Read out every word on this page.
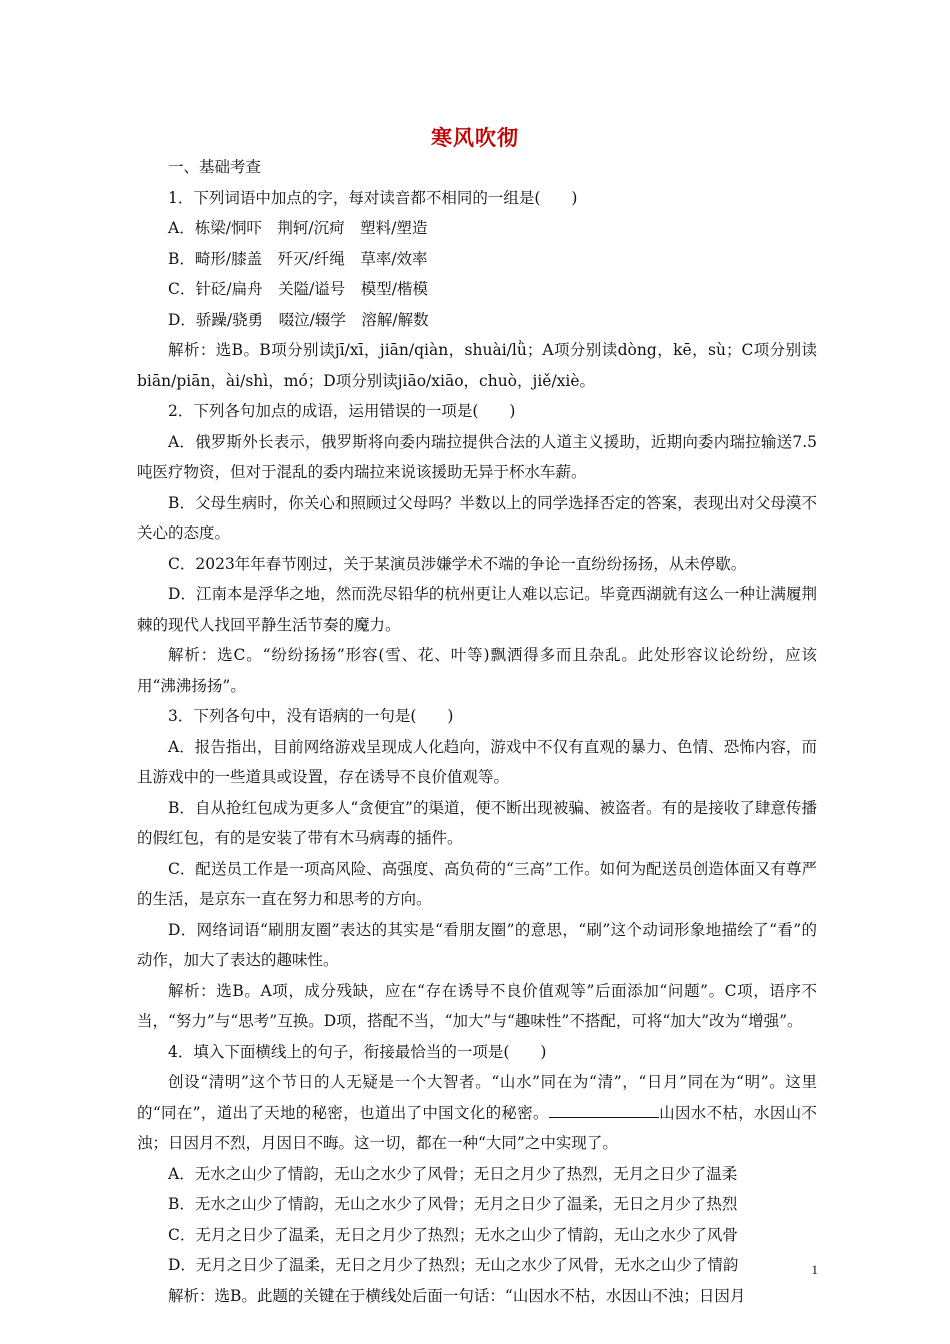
寒风吹彻

一、基础考查

1．下列词语中加点的字，每对读音都不相同的一组是(　　)

A．栋梁/恫吓　荆轲/沉疴　塑料/塑造

B．畸形/膝盖　歼灭/纤绳　草率/效率

C．针砭/扁舟　关隘/谥号　模型/楷模

D．骄躁/骁勇　啜泣/辍学　溶解/解数

解析：选B。B项分别读jī/xī，jiān/qiàn，shuài/lǜ；A项分别读dòng，kē，sù；C项分别读biān/piān，ài/shì，mó；D项分别读jiāo/xiāo，chuò，jiě/xiè。

2．下列各句加点的成语，运用错误的一项是(　　)

A．俄罗斯外长表示，俄罗斯将向委内瑞拉提供合法的人道主义援助，近期向委内瑞拉输送7.5吨医疗物资，但对于混乱的委内瑞拉来说该援助无异于杯水车薪。

B．父母生病时，你关心和照顾过父母吗？半数以上的同学选择否定的答案，表现出对父母漠不关心的态度。

C．2023年年春节刚过，关于某演员涉嫌学术不端的争论一直纷纷扬扬，从未停歇。

D．江南本是浮华之地，然而洗尽铅华的杭州更让人难以忘记。毕竟西湖就有这么一种让满履荆棘的现代人找回平静生活节奏的魔力。

解析：选C。“纷纷扬扬”形容(雪、花、叶等)飘洒得多而且杂乱。此处形容议论纷纷，应该用“沸沸扬扬”。

3．下列各句中，没有语病的一句是(　　)

A．报告指出，目前网络游戏呈现成人化趋向，游戏中不仅有直观的暴力、色情、恐怖内容，而且游戏中的一些道具或设置，存在诱导不良价值观等。

B．自从抢红包成为更多人“贪便宜”的渠道，便不断出现被骗、被盗者。有的是接收了肆意传播的假红包，有的是安装了带有木马病毒的插件。

C．配送员工作是一项高风险、高强度、高负荷的“三高”工作。如何为配送员创造体面又有尊严的生活，是京东一直在努力和思考的方向。

D．网络词语“刷朋友圈”表达的其实是“看朋友圈”的意思，“刷”这个动词形象地描绘了“看”的动作，加大了表达的趣味性。

解析：选B。A项，成分残缺，应在“存在诱导不良价值观等”后面添加“问题”。C项，语序不当，“努力”与“思考”互换。D项，搭配不当，“加大”与“趣味性”不搭配，可将“加大”改为“增强”。

4．填入下面横线上的句子，衔接最恰当的一项是(　　)

创设“清明”这个节日的人无疑是一个大智者。“山水”同在为“清”，“日月”同在为“明”。这里的“同在”，道出了天地的秘密，也道出了中国文化的秘密。	山因水不枯，水因山不浊；日因月不烈，月因日不晦。这一切，都在一种“大同”之中实现了。

A．无水之山少了情韵，无山之水少了风骨；无日之月少了热烈，无月之日少了温柔

B．无水之山少了情韵，无山之水少了风骨；无月之日少了温柔，无日之月少了热烈

C．无月之日少了温柔，无日之月少了热烈；无水之山少了情韵，无山之水少了风骨

D．无月之日少了温柔，无日之月少了热烈；无山之水少了风骨，无水之山少了情韵

解析：选B。此题的关键在于横线处后面一句话：“山因水不枯，水因山不浊；日因月

1
